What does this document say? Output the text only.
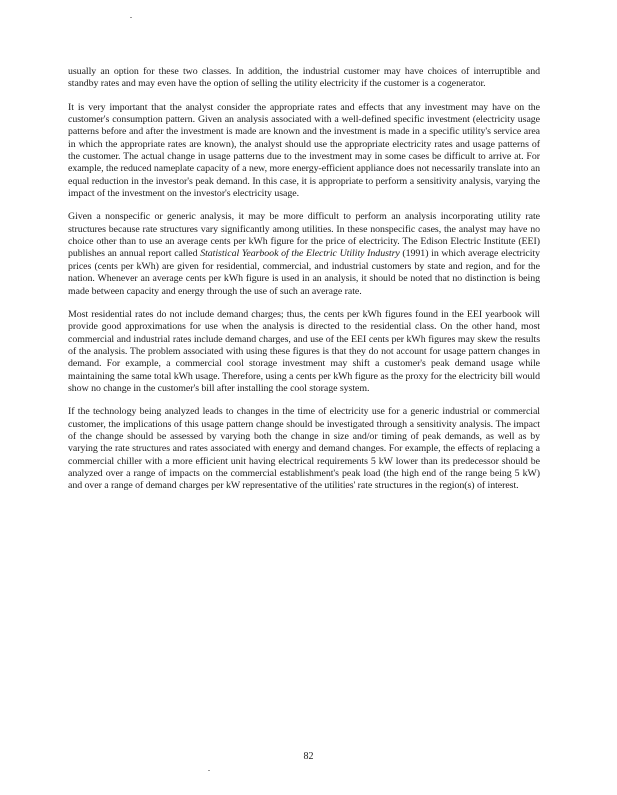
usually an option for these two classes. In addition, the industrial customer may have choices of interruptible and standby rates and may even have the option of selling the utility electricity if the customer is a cogenerator.

It is very important that the analyst consider the appropriate rates and effects that any investment may have on the customer's consumption pattern. Given an analysis associated with a well-defined specific investment (electricity usage patterns before and after the investment is made are known and the investment is made in a specific utility's service area in which the appropriate rates are known), the analyst should use the appropriate electricity rates and usage patterns of the customer. The actual change in usage patterns due to the investment may in some cases be difficult to arrive at. For example, the reduced nameplate capacity of a new, more energy-efficient appliance does not necessarily translate into an equal reduction in the investor's peak demand. In this case, it is appropriate to perform a sensitivity analysis, varying the impact of the investment on the investor's electricity usage.

Given a nonspecific or generic analysis, it may be more difficult to perform an analysis incorporating utility rate structures because rate structures vary significantly among utilities. In these nonspecific cases, the analyst may have no choice other than to use an average cents per kWh figure for the price of electricity. The Edison Electric Institute (EEI) publishes an annual report called Statistical Yearbook of the Electric Utility Industry (1991) in which average electricity prices (cents per kWh) are given for residential, commercial, and industrial customers by state and region, and for the nation. Whenever an average cents per kWh figure is used in an analysis, it should be noted that no distinction is being made between capacity and energy through the use of such an average rate.

Most residential rates do not include demand charges; thus, the cents per kWh figures found in the EEI yearbook will provide good approximations for use when the analysis is directed to the residential class. On the other hand, most commercial and industrial rates include demand charges, and use of the EEI cents per kWh figures may skew the results of the analysis. The problem associated with using these figures is that they do not account for usage pattern changes in demand. For example, a commercial cool storage investment may shift a customer's peak demand usage while maintaining the same total kWh usage. Therefore, using a cents per kWh figure as the proxy for the electricity bill would show no change in the customer's bill after installing the cool storage system.

If the technology being analyzed leads to changes in the time of electricity use for a generic industrial or commercial customer, the implications of this usage pattern change should be investigated through a sensitivity analysis. The impact of the change should be assessed by varying both the change in size and/or timing of peak demands, as well as by varying the rate structures and rates associated with energy and demand changes. For example, the effects of replacing a commercial chiller with a more efficient unit having electrical requirements 5 kW lower than its predecessor should be analyzed over a range of impacts on the commercial establishment's peak load (the high end of the range being 5 kW) and over a range of demand charges per kW representative of the utilities' rate structures in the region(s) of interest.

82
